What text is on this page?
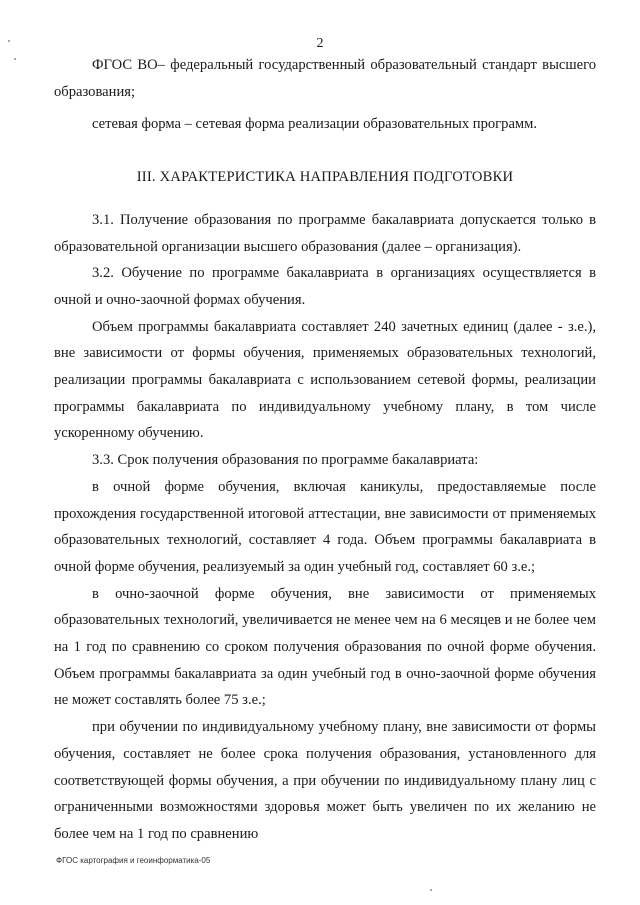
2

ФГОС ВО– федеральный государственный образовательный стандарт высшего образования;

сетевая форма – сетевая форма реализации образовательных программ.

III. ХАРАКТЕРИСТИКА НАПРАВЛЕНИЯ ПОДГОТОВКИ

3.1. Получение образования по программе бакалавриата допускается только в образовательной организации высшего образования (далее – организация).

3.2. Обучение по программе бакалавриата в организациях осуществляется в очной и очно-заочной формах обучения.

Объем программы бакалавриата составляет 240 зачетных единиц (далее - з.е.), вне зависимости от формы обучения, применяемых образовательных технологий, реализации программы бакалавриата с использованием сетевой формы, реализации программы бакалавриата по индивидуальному учебному плану, в том числе ускоренному обучению.

3.3. Срок получения образования по программе бакалавриата:

в очной форме обучения, включая каникулы, предоставляемые после прохождения государственной итоговой аттестации, вне зависимости от применяемых образовательных технологий, составляет 4 года. Объем программы бакалавриата в очной форме обучения, реализуемый за один учебный год, составляет 60 з.е.;

в очно-заочной форме обучения, вне зависимости от применяемых образовательных технологий, увеличивается не менее чем на 6 месяцев и не более чем на 1 год по сравнению со сроком получения образования по очной форме обучения. Объем программы бакалавриата за один учебный год в очно-заочной форме обучения не может составлять более 75 з.е.;

при обучении по индивидуальному учебному плану, вне зависимости от формы обучения, составляет не более срока получения образования, установленного для соответствующей формы обучения, а при обучении по индивидуальному плану лиц с ограниченными возможностями здоровья может быть увеличен по их желанию не более чем на 1 год по сравнению

ФГОС картография и геоинформатика-05
